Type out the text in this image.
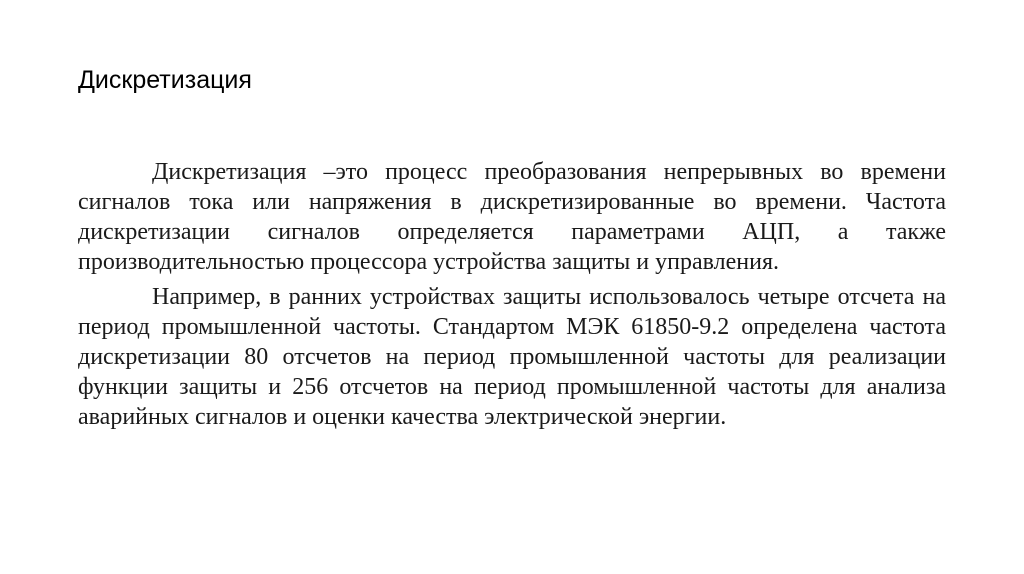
Дискретизация

Дискретизация –это процесс преобразования непрерывных во времени сигналов тока или напряжения в дискретизированные во времени. Частота дискретизации сигналов определяется параметрами АЦП, а также производительностью процессора устройства защиты и управления.

Например, в ранних устройствах защиты использовалось четыре отсчета на период промышленной частоты. Стандартом МЭК 61850-9.2 определена частота дискретизации 80 отсчетов на период промышленной частоты для реализации функции защиты и 256 отсчетов на период промышленной частоты для анализа аварийных сигналов и оценки качества электрической энергии.
